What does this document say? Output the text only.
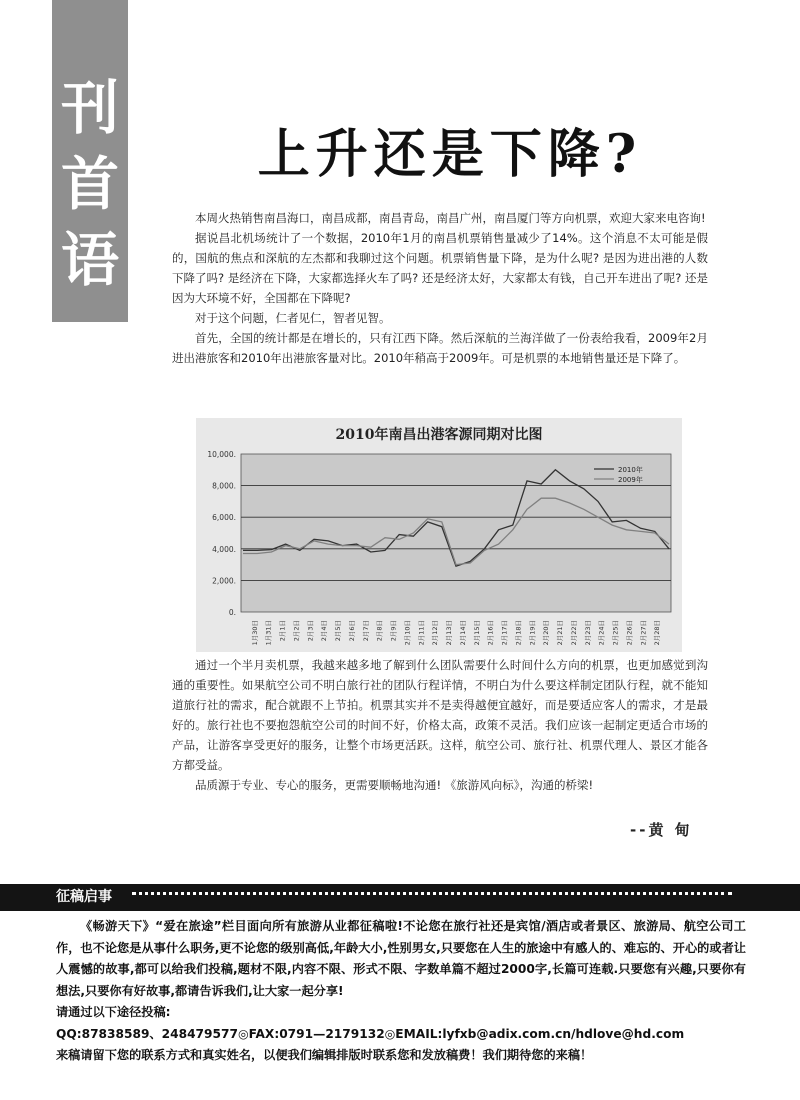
刊
首
语
上升还是下降?

本周火热销售南昌海口，南昌成都，南昌青岛，南昌广州，南昌厦门等方向机票，欢迎大家来电咨询!

据说昌北机场统计了一个数据，2010年1月的南昌机票销售量减少了14%。这个消息不太可能是假的，国航的焦点和深航的左杰都和我聊过这个问题。机票销售量下降，是为什么呢? 是因为进出港的人数下降了吗? 是经济在下降，大家都选择火车了吗? 还是经济太好，大家都太有钱，自己开车进出了呢? 还是因为大环境不好，全国都在下降呢?

对于这个问题，仁者见仁，智者见智。

首先，全国的统计都是在增长的，只有江西下降。然后深航的兰海洋做了一份表给我看，2009年2月进出港旅客和2010年出港旅客量对比。2010年稍高于2009年。可是机票的本地销售量还是下降了。

2010年南昌出港客源同期对比图
0.
2,000.
4,000.
6,000.
8,000.
10,000.
1月30日 1月31日 2月1日 2月2日 2月3日 2月4日 2月5日 2月6日 2月7日 2月8日 2月9日 2月10日 2月11日 2月12日 2月13日 2月14日 2月15日 2月16日 2月17日 2月18日 2月19日 2月20日 2月21日 2月22日 2月23日 2月24日 2月25日 2月26日 2月27日 2月28日
2010年
2009年

通过一个半月卖机票，我越来越多地了解到什么团队需要什么时间什么方向的机票，也更加感觉到沟通的重要性。如果航空公司不明白旅行社的团队行程详情，不明白为什么要这样制定团队行程，就不能知道旅行社的需求，配合就跟不上节拍。机票其实并不是卖得越便宜越好，而是要适应客人的需求，才是最好的。旅行社也不要抱怨航空公司的时间不好，价格太高，政策不灵活。我们应该一起制定更适合市场的产品，让游客享受更好的服务，让整个市场更活跃。这样，航空公司、旅行社、机票代理人、景区才能各方都受益。

品质源于专业、专心的服务，更需要顺畅地沟通! 《旅游风向标》，沟通的桥梁!

--黄 甸
征稿启事

《畅游天下》“爱在旅途”栏目面向所有旅游从业都征稿啦!不论您在旅行社还是宾馆/酒店或者景区、旅游局、航空公司工作，也不论您是从事什么职务,更不论您的级别高低,年龄大小,性别男女,只要您在人生的旅途中有感人的、难忘的、开心的或者让人震憾的故事,都可以给我们投稿,题材不限,内容不限、形式不限、字数单篇不超过2000字,长篇可连载.只要您有兴趣,只要你有想法,只要你有好故事,都请告诉我们,让大家一起分享!

请通过以下途径投稿:

QQ:87838589、248479577◎FAX:0791—2179132◎EMAIL:lyfxb@adix.com.cn/hdlove@hd.com

来稿请留下您的联系方式和真实姓名，以便我们编辑排版时联系您和发放稿费！我们期待您的来稿！
